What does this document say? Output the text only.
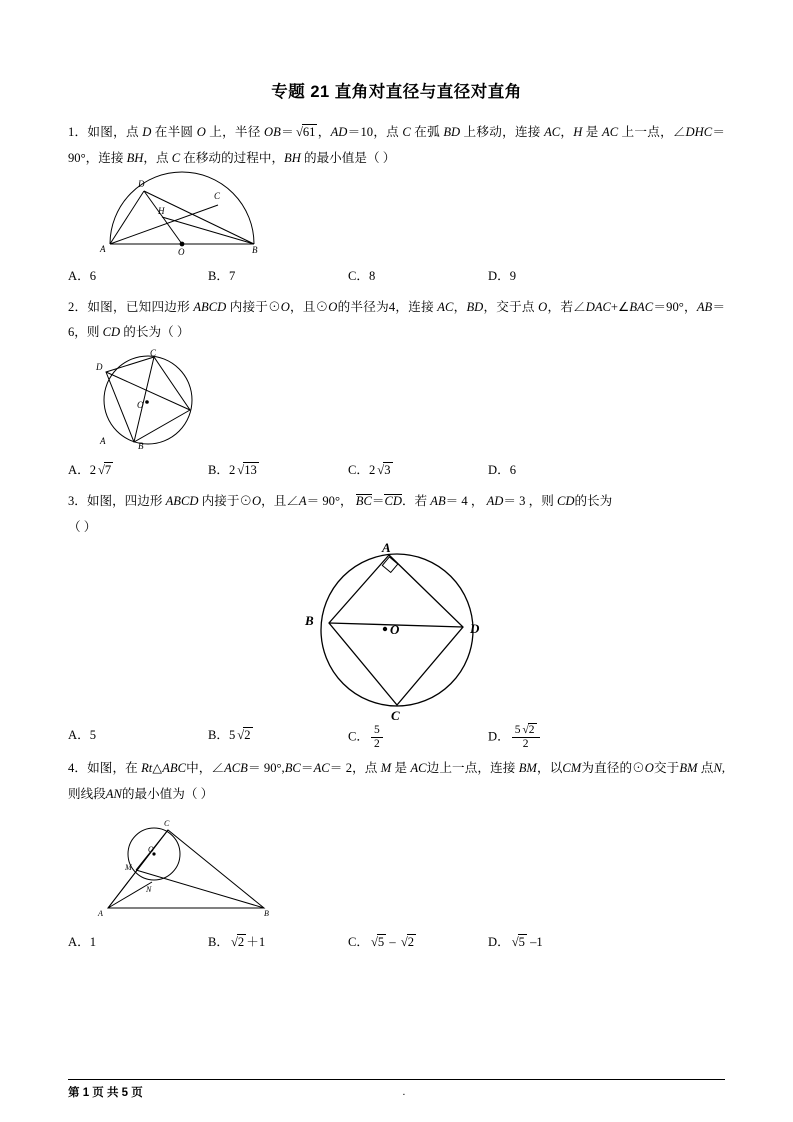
专题 21 直角对直径与直径对直角

1．如图，点 D 在半圆 O 上，半径 OB＝ √61 ，AD＝10，点 C 在弧 BD 上移动，连接 AC，H 是 AC 上一点，∠DHC＝90°，连接 BH，点 C 在移动的过程中，BH 的最小值是（ ）

D
C
H
A	O	B
A．6	B．7	C．8	D．9

2．如图，已知四边形 ABCD 内接于⊙O，且⊙O的半径为4，连接 AC，BD，交于点 O，若∠DAC+∠BAC＝90°，AB＝6，则 CD 的长为（ ）

D
C
O
A	B
A．2 √7	B．2 √13	C．2 √3	D．6

3．如图，四边形 ABCD 内接于⊙O，且∠A＝ 90°， BC＝CD．若 AB＝ 4 ， AD＝ 3 ，则 CD的长为
（ ）

A
B
O	D
C
A．5	B．5 √2	C． $\frac{5}{2}$	D． $\frac{5 √2}{2}$

4．如图，在 Rt△ABC中，∠ACB＝ 90°,BC＝AC＝ 2，点 M 是 AC边上一点，连接 BM，以CM为直径的⊙O交于BM 点N,则线段AN的最小值为（ ）

C
O
M
N
A	B
A．1	B． √2 ＋1	C． √5 – √2	D． √5 –1
第 1 页 共 5 页	.
